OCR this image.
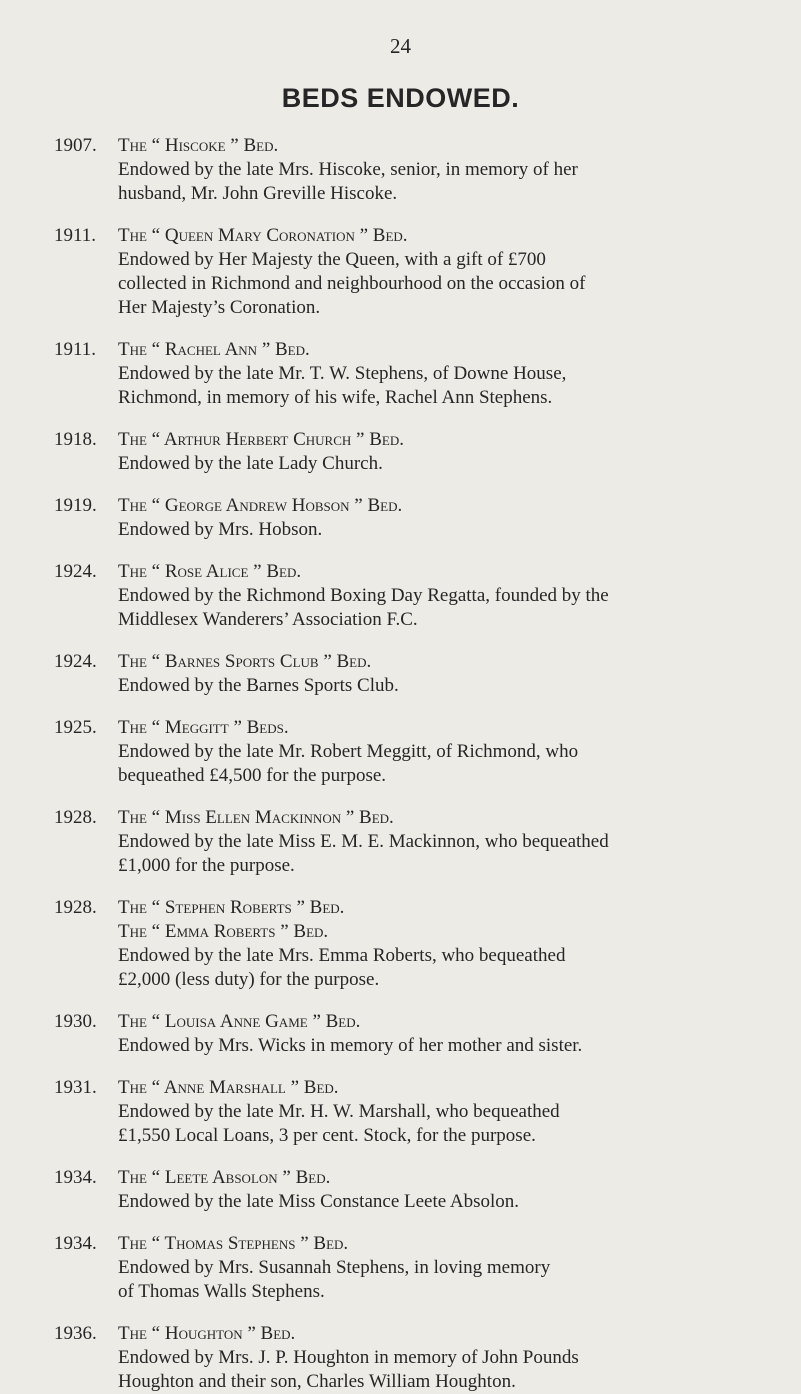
24

BEDS ENDOWED.
1907. The “ Hiscoke ” Bed.
Endowed by the late Mrs. Hiscoke, senior, in memory of her
husband, Mr. John Greville Hiscoke.
1911. The “ Queen Mary Coronation ” Bed.
Endowed by Her Majesty the Queen, with a gift of £700
collected in Richmond and neighbourhood on the occasion of
Her Majesty’s Coronation.
1911. The “ Rachel Ann ” Bed.
Endowed by the late Mr. T. W. Stephens, of Downe House,
Richmond, in memory of his wife, Rachel Ann Stephens.
1918. The “ Arthur Herbert Church ” Bed.
Endowed by the late Lady Church.
1919. The “ George Andrew Hobson ” Bed.
Endowed by Mrs. Hobson.
1924. The “ Rose Alice ” Bed.
Endowed by the Richmond Boxing Day Regatta, founded by the
Middlesex Wanderers’ Association F.C.
1924. The “ Barnes Sports Club ” Bed.
Endowed by the Barnes Sports Club.
1925. The “ Meggitt ” Beds.
Endowed by the late Mr. Robert Meggitt, of Richmond, who
bequeathed £4,500 for the purpose.
1928. The “ Miss Ellen Mackinnon ” Bed.
Endowed by the late Miss E. M. E. Mackinnon, who bequeathed
£1,000 for the purpose.
1928. The “ Stephen Roberts ” Bed.
The “ Emma Roberts ” Bed.
Endowed by the late Mrs. Emma Roberts, who bequeathed
£2,000 (less duty) for the purpose.
1930. The “ Louisa Anne Game ” Bed.
Endowed by Mrs. Wicks in memory of her mother and sister.
1931. The “ Anne Marshall ” Bed.
Endowed by the late Mr. H. W. Marshall, who bequeathed
£1,550 Local Loans, 3 per cent. Stock, for the purpose.
1934. The “ Leete Absolon ” Bed.
Endowed by the late Miss Constance Leete Absolon.
1934. The “ Thomas Stephens ” Bed.
Endowed by Mrs. Susannah Stephens, in loving memory
of Thomas Walls Stephens.
1936. The “ Houghton ” Bed.
Endowed by Mrs. J. P. Houghton in memory of John Pounds
Houghton and their son, Charles William Houghton.
